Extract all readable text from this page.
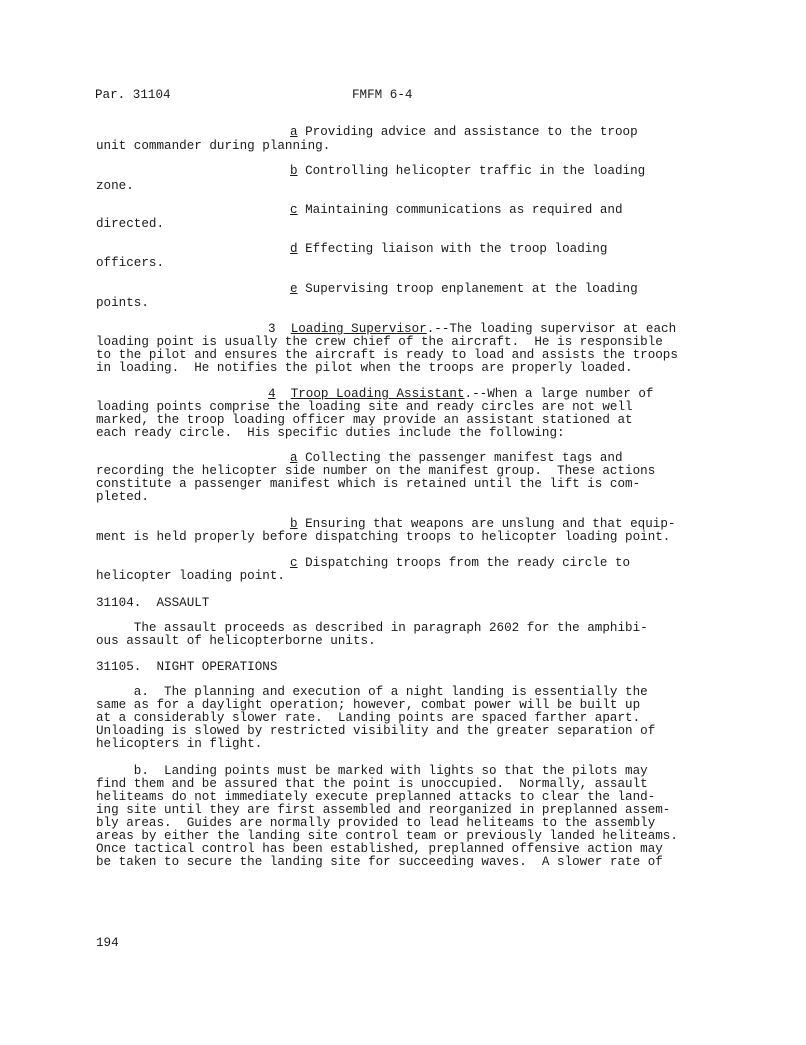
Par. 31104	FMFM 6-4
a Providing advice and assistance to the troop
unit commander during planning.
b Controlling helicopter traffic in the loading
zone.
c Maintaining communications as required and
directed.
d Effecting liaison with the troop loading
officers.
e Supervising troop enplanement at the loading
points.
3 Loading Supervisor.--The loading supervisor at each
loading point is usually the crew chief of the aircraft.  He is responsible
to the pilot and ensures the aircraft is ready to load and assists the troops
in loading.  He notifies the pilot when the troops are properly loaded.
4 Troop Loading Assistant.--When a large number of
loading points comprise the loading site and ready circles are not well
marked, the troop loading officer may provide an assistant stationed at
each ready circle.  His specific duties include the following:
a Collecting the passenger manifest tags and
recording the helicopter side number on the manifest group.  These actions
constitute a passenger manifest which is retained until the lift is com-
pleted.
b Ensuring that weapons are unslung and that equip-
ment is held properly before dispatching troops to helicopter loading point.
c Dispatching troops from the ready circle to
helicopter loading point.
31104.  ASSAULT
The assault proceeds as described in paragraph 2602 for the amphibi-
ous assault of helicopterborne units.
31105.  NIGHT OPERATIONS
a.  The planning and execution of a night landing is essentially the
same as for a daylight operation; however, combat power will be built up
at a considerably slower rate.  Landing points are spaced farther apart.
Unloading is slowed by restricted visibility and the greater separation of
helicopters in flight.
b.  Landing points must be marked with lights so that the pilots may
find them and be assured that the point is unoccupied.  Normally, assault
heliteams do not immediately execute preplanned attacks to clear the land-
ing site until they are first assembled and reorganized in preplanned assem-
bly areas.  Guides are normally provided to lead heliteams to the assembly
areas by either the landing site control team or previously landed heliteams.
Once tactical control has been established, preplanned offensive action may
be taken to secure the landing site for succeeding waves.  A slower rate of
194
